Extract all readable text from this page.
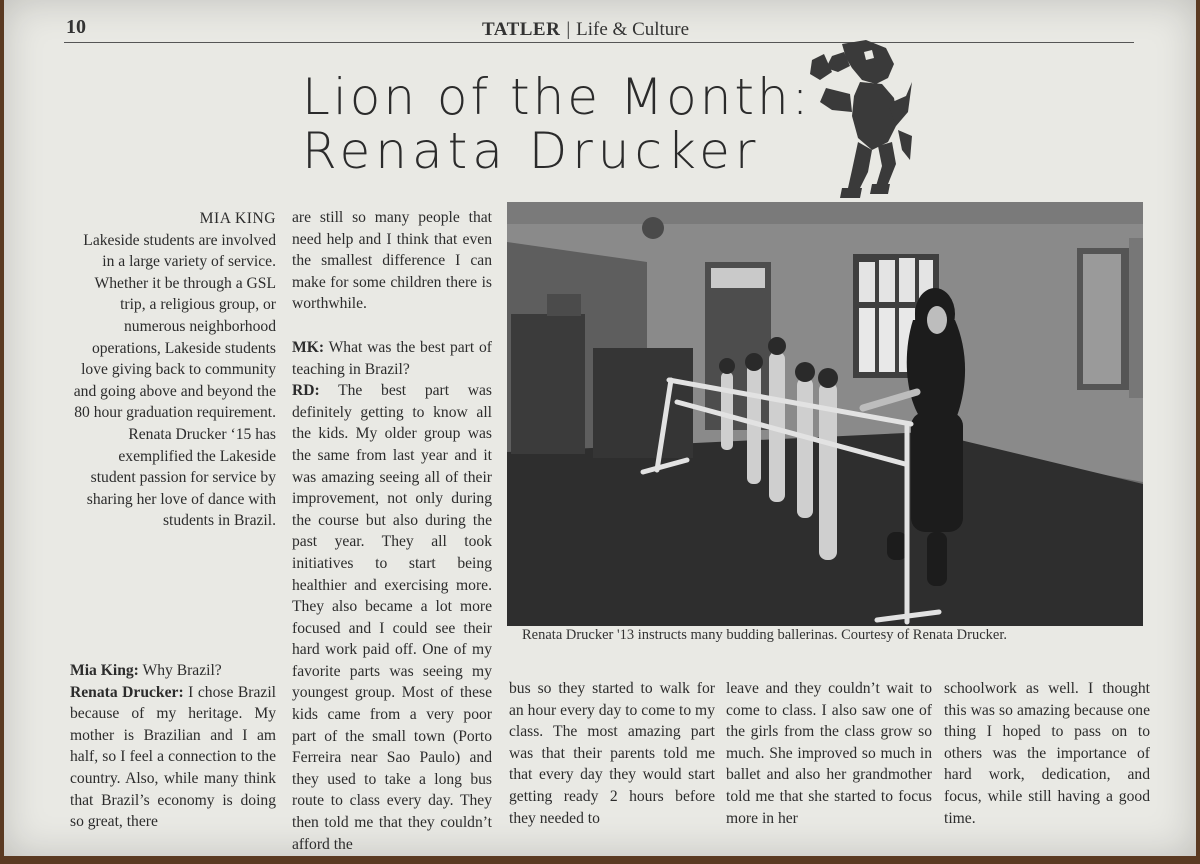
10	TATLER | Life & Culture
Lion of the Month:
Renata Drucker

MIA KING

Lakeside students are involved in a large variety of service. Whether it be through a GSL trip, a religious group, or numerous neighborhood operations, Lakeside students love giving back to community and going above and beyond the 80 hour graduation requirement. Renata Drucker ‘15 has exemplified the Lakeside student passion for service by sharing her love of dance with students in Brazil.

Mia King: Why Brazil?

Renata Drucker: I chose Brazil because of my heritage. My mother is Brazilian and I am half, so I feel a connection to the country. Also, while many think that Brazil’s economy is doing so great, there

are still so many people that need help and I think that even the smallest difference I can make for some children there is worthwhile.

MK: What was the best part of teaching in Brazil?

RD: The best part was definitely getting to know all the kids. My older group was the same from last year and it was amazing seeing all of their improvement, not only during the course but also during the past year. They all took initiatives to start being healthier and exercising more. They also became a lot more focused and I could see their hard work paid off. One of my favorite parts was seeing my youngest group. Most of these kids came from a very poor part of the small town (Porto Ferreira near Sao Paulo) and they used to take a long bus route to class every day. They then told me that they couldn’t afford the

Renata Drucker '13 instructs many budding ballerinas. Courtesy of Renata Drucker.
bus so they started to walk for an hour every day to come to my class. The most amazing part was that their parents told me that every day they would start getting ready 2 hours before they needed to
leave and they couldn’t wait to come to class. I also saw one of the girls from the class grow so much. She improved so much in ballet and also her grandmother told me that she started to focus more in her
schoolwork as well. I thought this was so amazing because one thing I hoped to pass on to others was the importance of hard work, dedication, and focus, while still having a good time.
